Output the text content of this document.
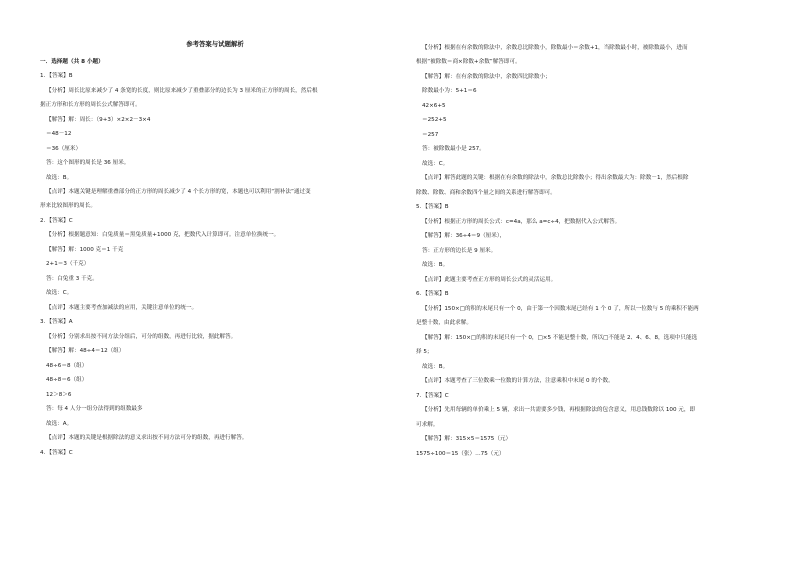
参考答案与试题解析
一．选择题（共 8 小题）
1．【答案】B
【分析】周长比原来减少了 4 条宽的长度，则比原来减少了重叠部分的边长为 3 厘米的正方形的周长，然后根
据正方形和长方形的周长公式解答即可。
【解答】解：周长：（9+3）×2×2－3×4
＝48－12
＝36（厘米）
答：这个图形的周长是 36 厘米。
故选：B。
【点评】本题关键是理解重叠部分的正方形的周长减少了 4 个长方形的宽，本题也可以利用“割补法”通过变
形来比较图形的周长。
2．【答案】C
【分析】根据题意知：白兔质量＝黑兔质量+1000 克，把数代入计算即可。注意单位换统一。
【解答】解：1000 克＝1 千克
2+1＝3（千克）
答：白兔重 3 千克。
故选：C。
【点评】本题主要考查加减法的应用，关键注意单位的统一。
3．【答案】A
【分析】分别求出按不同方法分组后，可分的组数，再进行比较，据此解答。
【解答】解：48÷4＝12（组）
48÷6＝8（组）
48÷8＝6（组）
12＞8＞6
答：每 4 人分一组分法得到的组数最多
故选：A。
【点评】本题的关键是根据除法的意义求出按不同方法可分的组数，再进行解答。
4．【答案】C
【分析】根据在有余数的除法中，余数总比除数小，除数最小＝余数+1，当除数最小时，被除数最小，进而
根据“被除数＝商×除数+余数”解答即可。
【解答】解：在有余数的除法中，余数四比除数小；
除数最小为：5+1＝6
42×6+5
＝252+5
＝257
答：被除数最小是 257。
故选：C。
【点评】解答此题的关键：根据在有余数的除法中，余数总比除数小；得出余数最大为：除数－1，然后根除
除数、除数、商和余数四个量之间的关系进行解答即可。
5．【答案】B
【分析】根据正方形的周长公式：c=4a，那么 a=c÷4，把数据代入公式解答。
【解答】解：36÷4＝9（厘米），
答：正方形的边长是 9 厘米。
故选：B。
【点评】此题主要考查正方形的周长公式的灵活运用。
6．【答案】B
【分析】150×□的积的末尾只有一个 0，由于第一个因数末尾已经有 1 个 0 了，所以一位数与 5 的乘积不能两
是整十数，由此求解。
【解答】解：150×□的积的末尾只有一个 0，□×5 不能是整十数，所以□不能是 2、4、6、8，选项中只能选
择 5；
故选：B。
【点评】本题考查了三位数乘一位数的计算方法，注意乘积中末尾 0 的个数。
7．【答案】C
【分析】先用每辆的单价乘上 5 辆，求出一共需要多少钱，再根据除法的包含意义，用总钱数除以 100 元，即
可求解。
【解答】解：315×5＝1575（元）
1575÷100＝15（张）…75（元）
